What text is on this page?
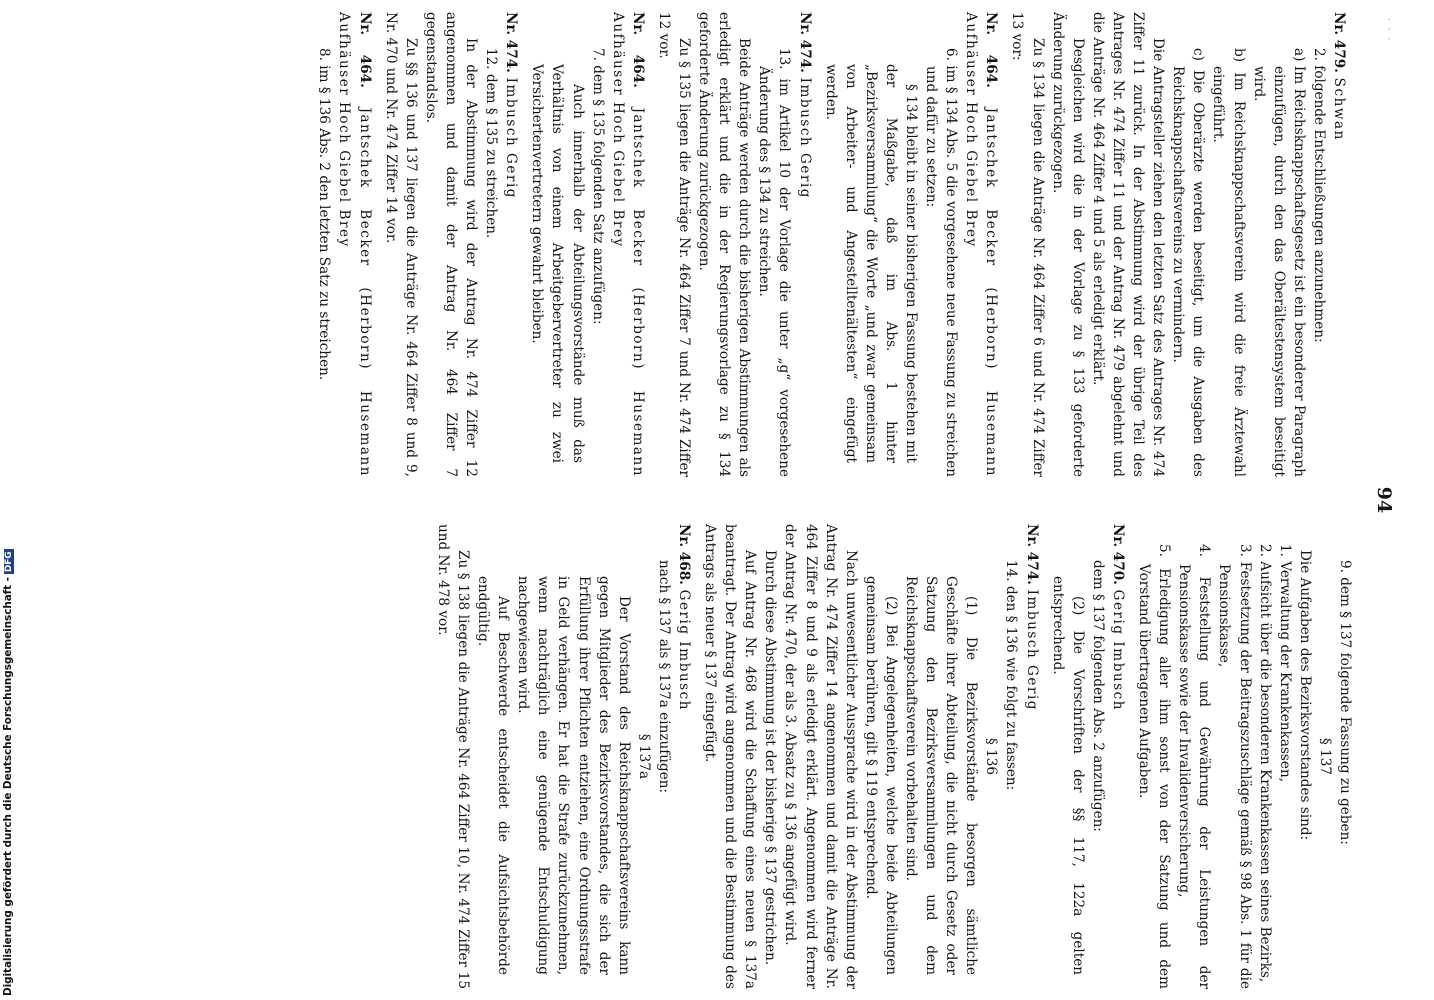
Digitalisierung gefördert durch die Deutsche Forschungsgemeinschaft -DFG
· · ·
94

Nr. 479. Schwan

2. folgende Entschließungen anzunehmen:

a) Im Reichsknappschaftsgesetz ist ein besonderer Paragraph einzufügen, durch den das Oberältestensystem beseitigt wird.

b) Im Reichsknappschaftsverein wird die freie Ärztewahl eingeführt.

c) Die Oberärzte werden beseitigt, um die Ausgaben des Reichsknappschaftsvereins zu vermindern.

Die Antragsteller ziehen den letzten Satz des Antrages Nr. 474 Ziffer 11 zurück. In der Abstimmung wird der übrige Teil des Antrages Nr. 474 Ziffer 11 und der Antrag Nr. 479 abgelehnt und die Anträge Nr. 464 Ziffer 4 und 5 als erledigt erklärt.

Desgleichen wird die in der Vorlage zu § 133 geforderte Änderung zurückgezogen.

Zu § 134 liegen die Anträge Nr. 464 Ziffer 6 und Nr. 474 Ziffer 13 vor:

Nr. 464. Jantschek Becker (Herborn) Husemann Aufhäuser Hoch Giebel Brey

6. im § 134 Abs. 5 die vorgesehene neue Fassung zu streichen und dafür zu setzen:

§ 134 bleibt in seiner bisherigen Fassung bestehen mit der Maßgabe, daß im Abs. 1 hinter „Bezirksversammlung“ die Worte „und zwar gemeinsam von Arbeiter- und Angestelltenältesten“ eingefügt werden.

Nr. 474. Imbusch Gerig

13. im Artikel 10 der Vorlage die unter „g“ vorgesehene Änderung des § 134 zu streichen.

Beide Anträge werden durch die bisherigen Abstimmungen als erledigt erklärt und die in der Regierungsvorlage zu § 134 geforderte Änderung zurückgezogen.

Zu § 135 liegen die Anträge Nr. 464 Ziffer 7 und Nr. 474 Ziffer 12 vor.

Nr. 464. Jantschek Becker (Herborn) Husemann Aufhäuser Hoch Giebel Brey

7. dem § 135 folgenden Satz anzufügen:

Auch innerhalb der Abteilungsvorstände muß das Verhältnis von einem Arbeitgebervertreter zu zwei Versichertenvertretern gewahrt bleiben.

Nr. 474. Imbusch Gerig

12. dem § 135 zu streichen.

In der Abstimmung wird der Antrag Nr. 474 Ziffer 12 angenommen und damit der Antrag Nr. 464 Ziffer 7 gegenstandslos.

Zu §§ 136 und 137 liegen die Anträge Nr. 464 Ziffer 8 und 9, Nr. 470 und Nr. 474 Ziffer 14 vor.

Nr. 464. Jantschek Becker (Herborn) Husemann Aufhäuser Hoch Giebel Brey

8. im § 136 Abs. 2 den letzten Satz zu streichen.

9. dem § 137 folgende Fassung zu geben:

§ 137

Die Aufgaben des Bezirksvorstandes sind:

1. Verwaltung der Krankenkassen,

2. Aufsicht über die besonderen Krankenkassen seines Bezirks,

3. Festsetzung der Beitragszuschläge gemäß § 98 Abs. 1 für die Pensionskasse,

4. Feststellung und Gewährung der Leistungen der Pensionskasse sowie der Invalidenversicherung,

5. Erledigung aller ihm sonst von der Satzung und dem Vorstand übertragenen Aufgaben.

Nr. 470. Gerig Imbusch

dem § 137 folgenden Abs. 2 anzufügen:

(2) Die Vorschriften der §§ 117, 122a gelten entsprechend.

Nr. 474. Imbusch Gerig

14. den § 136 wie folgt zu fassen:

§ 136

(1) Die Bezirksvorstände besorgen sämtliche Geschäfte ihrer Abteilung, die nicht durch Gesetz oder Satzung den Bezirksversammlungen und dem Reichsknappschaftsverein vorbehalten sind.

(2) Bei Angelegenheiten, welche beide Abteilungen gemeinsam berühren, gilt § 119 entsprechend.

Nach unwesentlicher Aussprache wird in der Abstimmung der Antrag Nr. 474 Ziffer 14 angenommen und damit die Anträge Nr. 464 Ziffer 8 und 9 als erledigt erklärt. Angenommen wird ferner der Antrag Nr. 470, der als 3. Absatz zu § 136 angefügt wird.

Durch diese Abstimmung ist der bisherige § 137 gestrichen.

Auf Antrag Nr. 468 wird die Schaffung eines neuen § 137a beantragt. Der Antrag wird angenommen und die Bestimmung des Antrags als neuer § 137 eingefügt.

Nr. 468. Gerig Imbusch

nach § 137 als § 137a einzufügen:

§ 137a

Der Vorstand des Reichsknappschaftsvereins kann gegen Mitglieder des Bezirksvorstandes, die sich der Erfüllung ihrer Pflichten entziehen, eine Ordnungsstrafe in Geld verhängen. Er hat die Strafe zurückzunehmen, wenn nachträglich eine genügende Entschuldigung nachgewiesen wird.

Auf Beschwerde entscheidet die Aufsichtsbehörde endgültig.

Zu § 138 liegen die Anträge Nr. 464 Ziffer 10, Nr. 474 Ziffer 15 und Nr. 478 vor.
